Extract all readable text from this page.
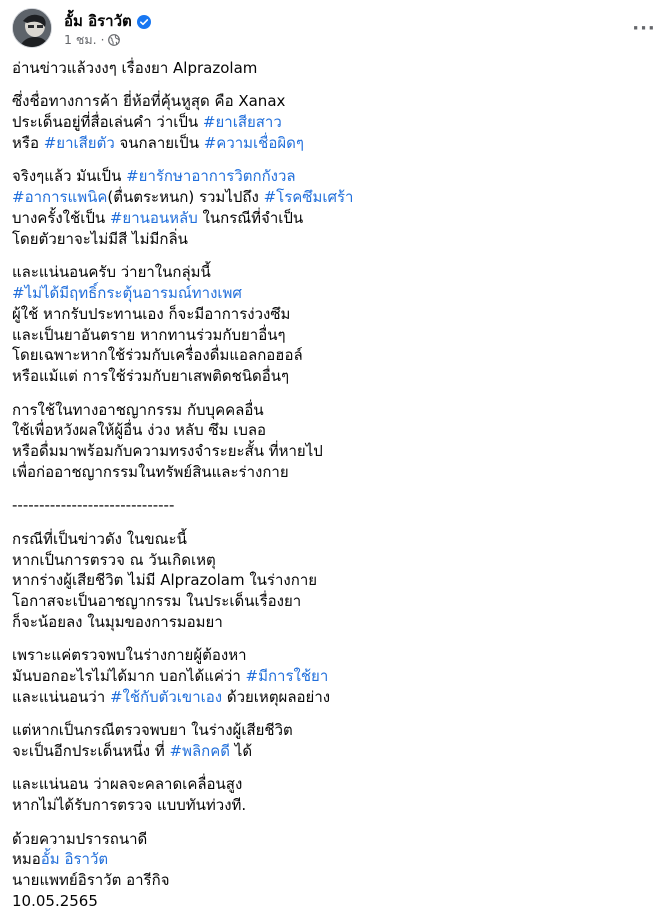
อั้ม อิราวัต
1 ชม. ·
···

อ่านข่าวแล้วงงๆ เรื่องยา Alprazolam

ซึ่งชื่อทางการค้า ยี่ห้อที่คุ้นหูสุด คือ Xanax
ประเด็นอยู่ที่สื่อเล่นคำ ว่าเป็น #ยาเสียสาว
หรือ #ยาเสียตัว จนกลายเป็น #ความเชื่อผิดๆ

จริงๆแล้ว มันเป็น #ยารักษาอาการวิตกกังวล
#อาการแพนิค(ตื่นตระหนก) รวมไปถึง #โรคซึมเศร้า
บางครั้งใช้เป็น #ยานอนหลับ ในกรณีที่จำเป็น
โดยตัวยาจะไม่มีสี ไม่มีกลิ่น

และแน่นอนครับ ว่ายาในกลุ่มนี้
#ไม่ได้มีฤทธิ์กระตุ้นอารมณ์ทางเพศ
ผู้ใช้ หากรับประทานเอง ก็จะมีอาการง่วงซึม
และเป็นยาอันตราย หากทานร่วมกับยาอื่นๆ
โดยเฉพาะหากใช้ร่วมกับเครื่องดื่มแอลกอฮอล์
หรือแม้แต่ การใช้ร่วมกับยาเสพติดชนิดอื่นๆ

การใช้ในทางอาชญากรรม กับบุคคลอื่น
ใช้เพื่อหวังผลให้ผู้อื่น ง่วง หลับ ซึม เบลอ
หรือดื่มมาพร้อมกับความทรงจำระยะสั้น ที่หายไป
เพื่อก่ออาชญากรรมในทรัพย์สินและร่างกาย

------------------------------

กรณีที่เป็นข่าวดัง ในขณะนี้
หากเป็นการตรวจ ณ วันเกิดเหตุ
หากร่างผู้เสียชีวิต ไม่มี Alprazolam ในร่างกาย
โอกาสจะเป็นอาชญากรรม ในประเด็นเรื่องยา
ก็จะน้อยลง ในมุมของการมอมยา

เพราะแค่ตรวจพบในร่างกายผู้ต้องหา
มันบอกอะไรไม่ได้มาก บอกได้แค่ว่า #มีการใช้ยา
และแน่นอนว่า #ใช้กับตัวเขาเอง ด้วยเหตุผลอย่าง

แต่หากเป็นกรณีตรวจพบยา ในร่างผู้เสียชีวิต
จะเป็นอีกประเด็นหนึ่ง ที่ #พลิกคดี ได้

และแน่นอน ว่าผลจะคลาดเคลื่อนสูง
หากไม่ได้รับการตรวจ แบบทันท่วงที.

ด้วยความปรารถนาดี
หมออั้ม อิราวัต
นายแพทย์อิราวัต อารีกิจ
10.05.2565
